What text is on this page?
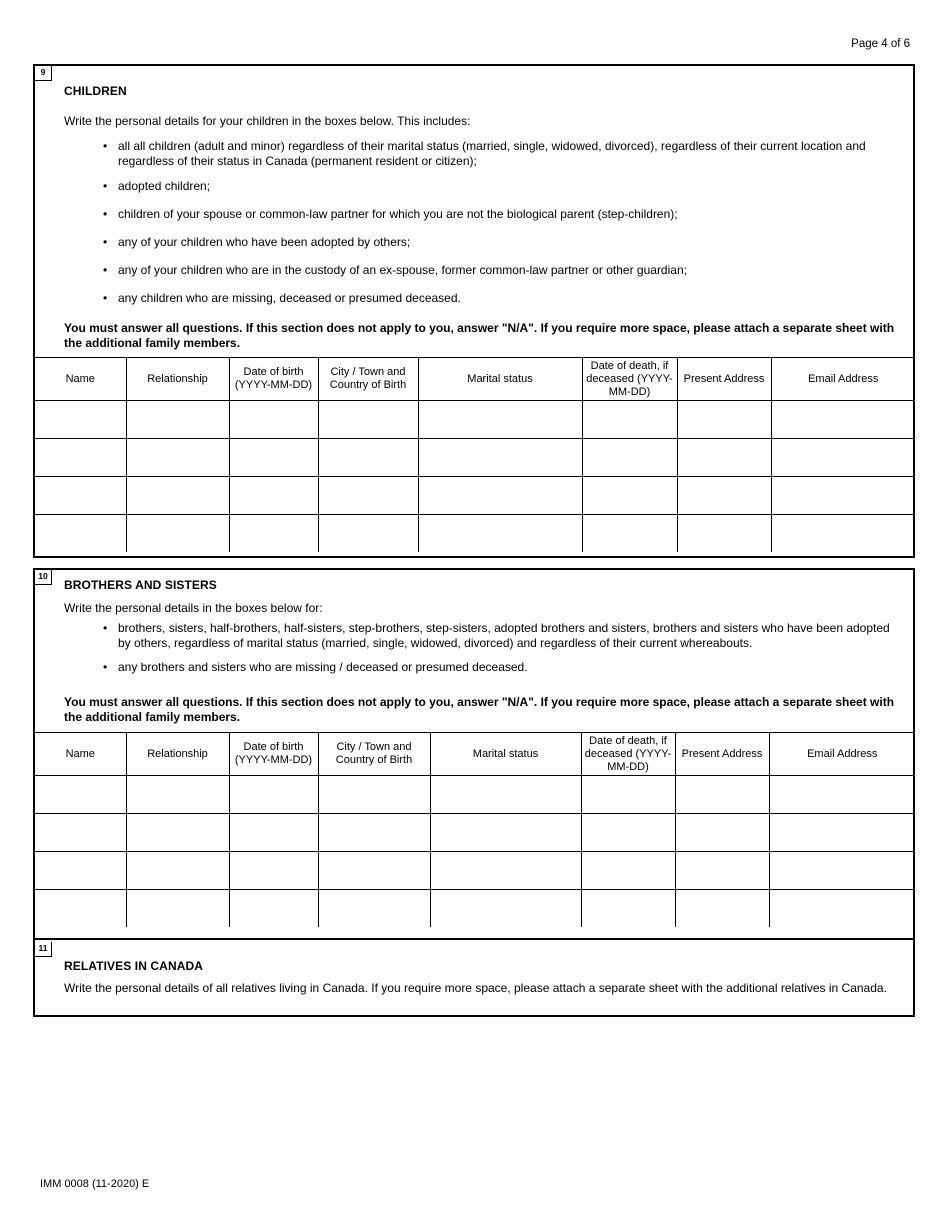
Page 4 of 6
9
CHILDREN
Write the personal details for your children in the boxes below. This includes:
• all all children (adult and minor) regardless of their marital status (married, single, widowed, divorced), regardless of their current location and regardless of their status in Canada (permanent resident or citizen);
• adopted children;
• children of your spouse or common-law partner for which you are not the biological parent (step-children);
• any of your children who have been adopted by others;
• any of your children who are in the custody of an ex-spouse, former common-law partner or other guardian;
• any children who are missing, deceased or presumed deceased.
You must answer all questions. If this section does not apply to you, answer "N/A". If you require more space, please attach a separate sheet with the additional family members.
Name	Relationship	Date of birth (YYYY-MM-DD)	City / Town and Country of Birth	Marital status	Date of death, if deceased (YYYY-MM-DD)	Present Address	Email Address

10
BROTHERS AND SISTERS
Write the personal details in the boxes below for:
• brothers, sisters, half-brothers, half-sisters, step-brothers, step-sisters, adopted brothers and sisters, brothers and sisters who have been adopted by others, regardless of marital status (married, single, widowed, divorced) and regardless of their current whereabouts.
• any brothers and sisters who are missing / deceased or presumed deceased.
You must answer all questions. If this section does not apply to you, answer "N/A". If you require more space, please attach a separate sheet with the additional family members.
Name	Relationship	Date of birth (YYYY-MM-DD)	City / Town and Country of Birth	Marital status	Date of death, if deceased (YYYY-MM-DD)	Present Address	Email Address

11
RELATIVES IN CANADA
Write the personal details of all relatives living in Canada. If you require more space, please attach a separate sheet with the additional relatives in Canada.
IMM 0008 (11-2020) E
